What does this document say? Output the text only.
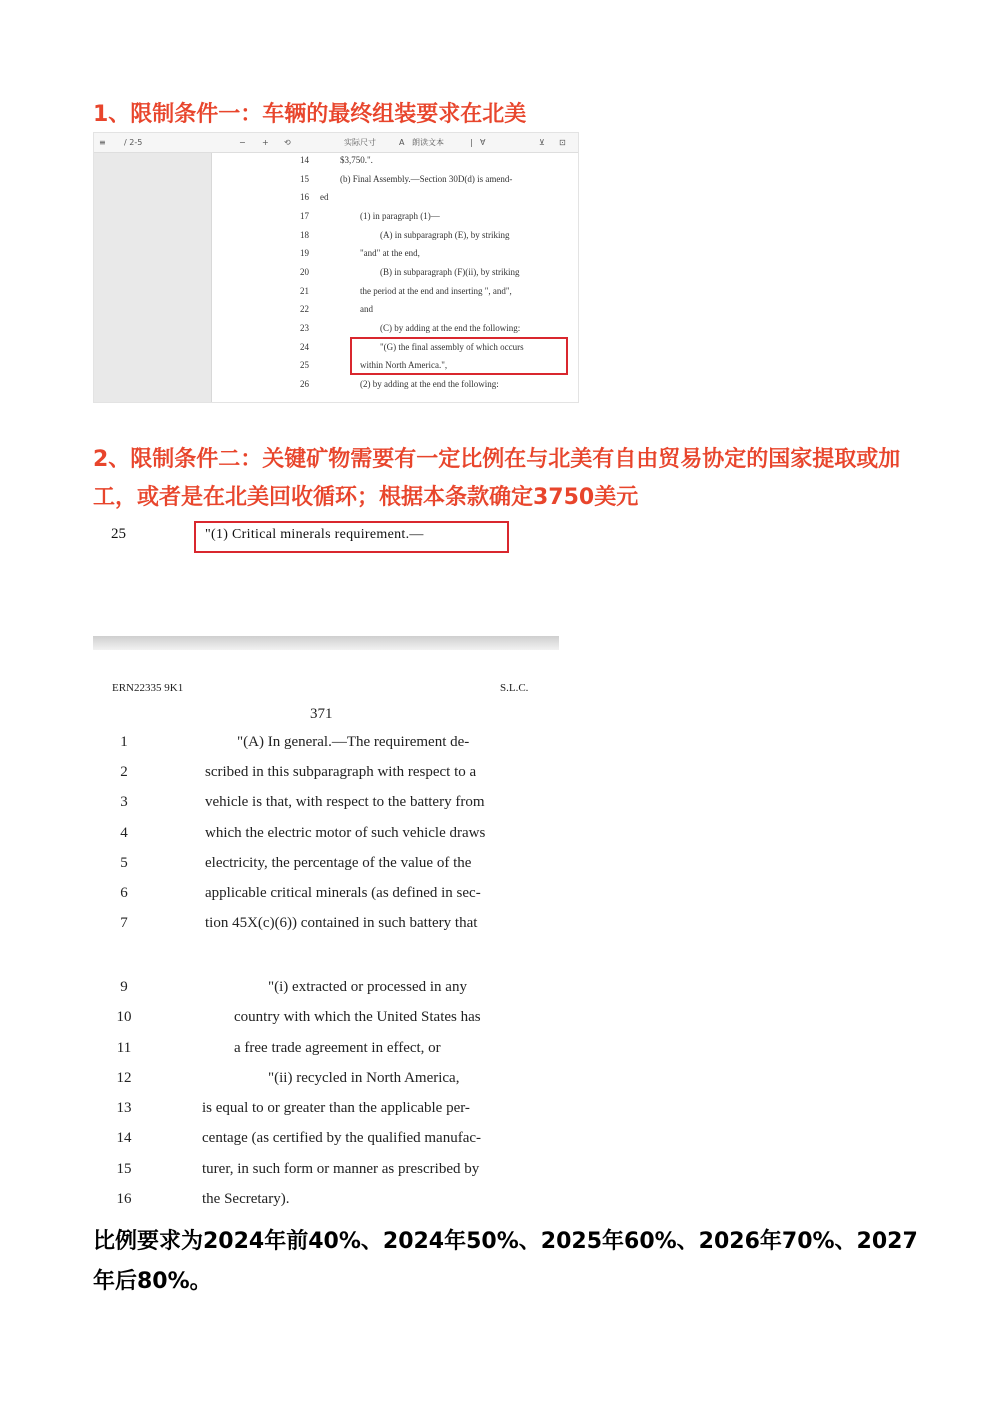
1、限制条件一：车辆的最终组装要求在北美
≡ / 2-5	− + ⟲	实际尺寸	A 朗读文本	| ∀	⊻ ⊡
14	$3,750.".
15	(b) Final Assembly.—Section 30D(d) is amend-
16 ed
17	(1) in paragraph (1)—
18	(A) in subparagraph (E), by striking
19	"and" at the end,
20	(B) in subparagraph (F)(ii), by striking
21	the period at the end and inserting ", and",
22	and
23	(C) by adding at the end the following:
24	"(G) the final assembly of which occurs
25	within North America.",
26	(2) by adding at the end the following:
2、限制条件二：关键矿物需要有一定比例在与北美有自由贸易协定的国家提取或加工，或者是在北美回收循环；根据本条款确定3750美元
25	"(1) Critical minerals requirement.—
ERN22335 9K1	S.L.C.
371
1	"(A) In general.—The requirement de-
2	scribed in this subparagraph with respect to a
3	vehicle is that, with respect to the battery from
4	which the electric motor of such vehicle draws
5	electricity, the percentage of the value of the
6	applicable critical minerals (as defined in sec-
7	tion 45X(c)(6)) contained in such battery that
9	"(i) extracted or processed in any
10	country with which the United States has
11	a free trade agreement in effect, or
12	"(ii) recycled in North America,
13	is equal to or greater than the applicable per-
14	centage (as certified by the qualified manufac-
15	turer, in such form or manner as prescribed by
16	the Secretary).
比例要求为2024年前40%、2024年50%、2025年60%、2026年70%、2027年后80%。
